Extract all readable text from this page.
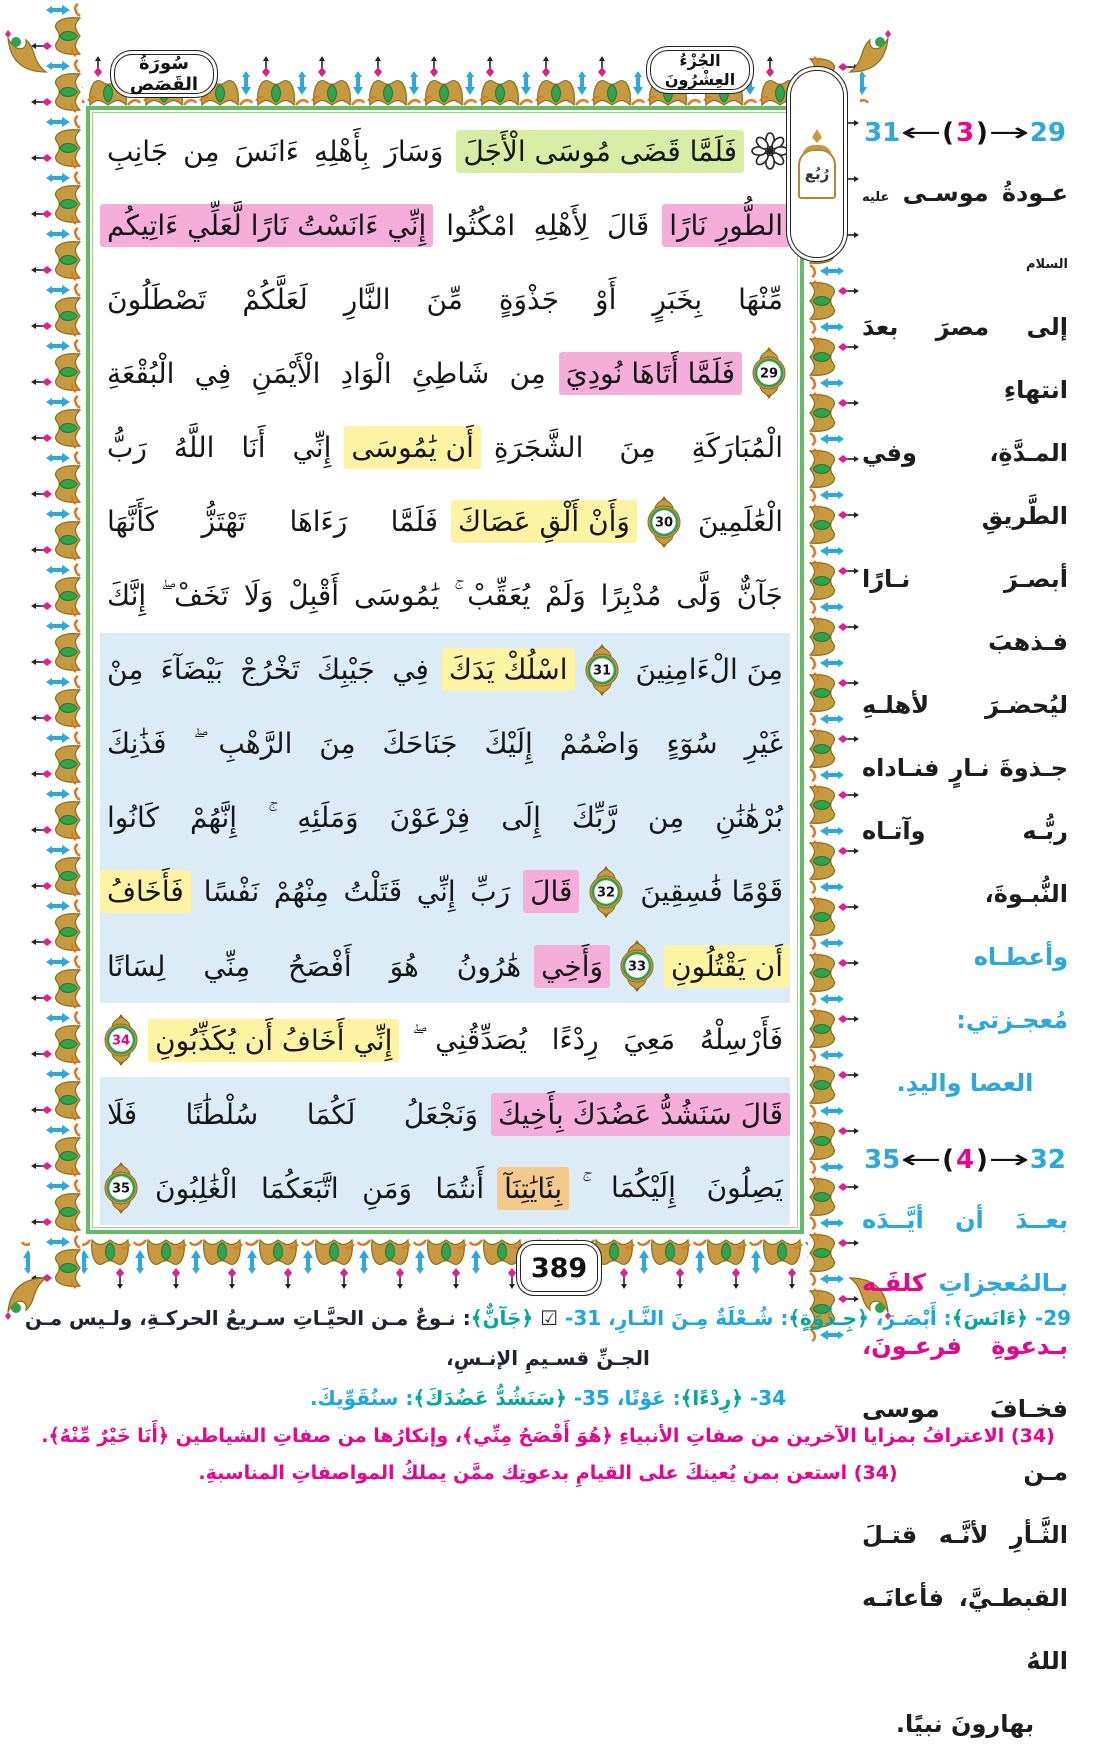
سُورَةُ القَصَص
الجُزْءُ العِشْرُونَ
رُبُع
389
فَلَمَّا قَضَى مُوسَى الْأَجَلَ
وَسَارَ بِأَهْلِهِ ءَانَسَ مِن جَانِبِ
الطُّورِ نَارًا
قَالَ لِأَهْلِهِ امْكُثُوا
إِنِّي ءَانَسْتُ نَارًا لَّعَلِّي ءَاتِيكُم
مِّنْهَا بِخَبَرٍ أَوْ جَذْوَةٍ مِّنَ النَّارِ لَعَلَّكُمْ تَصْطَلُونَ
29
فَلَمَّا أَتَاهَا نُودِيَ
مِن شَاطِئِ الْوَادِ الْأَيْمَنِ فِي الْبُقْعَةِ
الْمُبَارَكَةِ مِنَ الشَّجَرَةِ
أَن يَٰمُوسَى
إِنِّي أَنَا اللَّهُ رَبُّ
الْعَٰلَمِينَ
30
وَأَنْ أَلْقِ عَصَاكَ
فَلَمَّا رَءَاهَا تَهْتَزُّ كَأَنَّهَا
جَآنٌّ وَلَّى مُدْبِرًا وَلَمْ يُعَقِّبْ ۚ يَٰمُوسَى أَقْبِلْ وَلَا تَخَفْ ۖ إِنَّكَ
مِنَ الْءَامِنِينَ
31
اسْلُكْ يَدَكَ
فِي جَيْبِكَ تَخْرُجْ بَيْضَآءَ مِنْ
غَيْرِ سُوٓءٍ وَاضْمُمْ إِلَيْكَ جَنَاحَكَ مِنَ الرَّهْبِ ۖ فَذَٰنِكَ
بُرْهَٰنَٰنِ مِن رَّبِّكَ إِلَى فِرْعَوْنَ وَمَلَئِهِ ۚ إِنَّهُمْ كَانُوا
قَوْمًا فَٰسِقِينَ
32
قَالَ
رَبِّ إِنِّي قَتَلْتُ مِنْهُمْ نَفْسًا
فَأَخَافُ
أَن يَقْتُلُونِ
33
وَأَخِي
هَٰرُونُ هُوَ أَفْصَحُ مِنِّي لِسَانًا
فَأَرْسِلْهُ مَعِيَ رِدْءًا يُصَدِّقُنِي ۖ
إِنِّي أَخَافُ أَن يُكَذِّبُونِ
34
قَالَ سَنَشُدُّ عَضُدَكَ بِأَخِيكَ
وَنَجْعَلُ لَكُمَا سُلْطَٰنًا فَلَا
يَصِلُونَ إِلَيْكُمَا ۚ
بِئَايَٰتِنَآ
أَنتُمَا وَمَنِ اتَّبَعَكُمَا الْغَٰلِبُونَ
35
31 ← ( 3 ) → 29
عـودةُ موسـى عليه السلام
إلى مصرَ بعدَ انتهاءِ
المـدَّةِ، وفي الطَّريقِ
أبصـرَ نـارًا فـذهبَ
ليُحضـرَ لأهلـهِ
جـذوةَ نـارٍ فنـاداه
ربُّـه وآتـاه النُّبـوةَ،
وأعطـاه مُعجـزتي:
العصا واليدِ.
35 ← ( 4 ) → 32
بعــدَ أن أيَّــدَه
بـالمُعجزاتِ كلفَـه
بـدعوةِ فرعـونَ،
فخـافَ موسى مـن
الثَّـأرِ لأنَّـه قتـلَ
القبطـيَّ، فأعانَـه اللهُ
بهارونَ نبيًا.
29- ﴿ءَانَسَ﴾: أَبْصَـرَ، ﴿جِـذْوَةٍ﴾: شُـعْلَةٌ مِـنَ النَّـارِ، 31- ☑ ﴿جَآنٌّ﴾: نـوعٌ مـن الحيَّـاتِ سـريعُ الحركـةِ، ولـيس مـن الجـنِّ قسـيمِ الإنـسِ،
34- ﴿رِدْءًا﴾: عَوْنًا، 35- ﴿سَنَشُدُّ عَضُدَكَ﴾: سنُقَوِّيكَ.
(34) الاعترافُ بمزايا الآخرين من صفاتِ الأنبياءِ ﴿هُوَ أَفْصَحُ مِنِّي﴾، وإنكارُها من صفاتِ الشياطين ﴿أَنَا خَيْرٌ مِّنْهُ﴾.
(34) استعن بمن يُعينكَ على القيامِ بدعوتِك ممَّن يملكُ المواصفاتِ المناسبةِ.
